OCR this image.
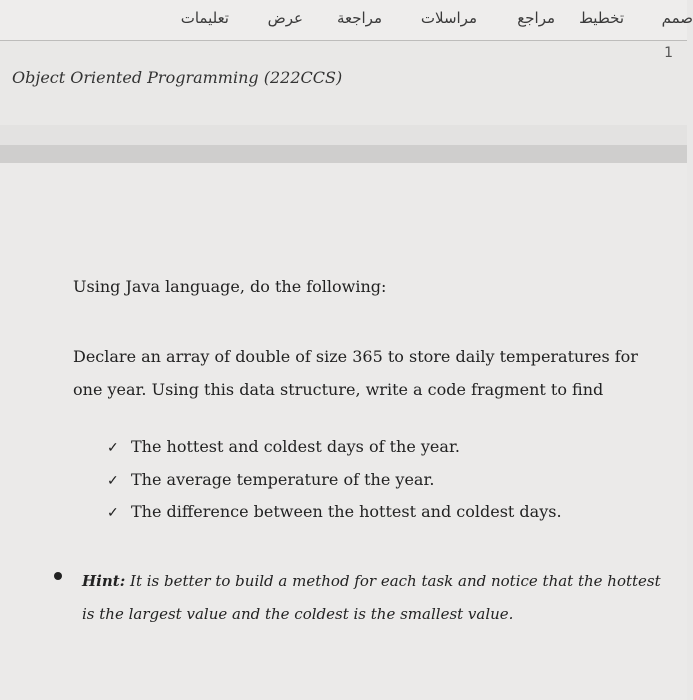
تعليمات	عرض مراجعة	مراسلات	مراجع تخطيط	صمم
1
Object Oriented Programming (222CCS)
Using Java language, do the following:
Declare an array of double of size 365 to store daily temperatures for one year. Using this data structure, write a code fragment to find
✓ The hottest and coldest days of the year.
✓ The average temperature of the year.
✓ The difference between the hottest and coldest days.
Hint: It is better to build a method for each task and notice that the hottest is the largest value and the coldest is the smallest value.
